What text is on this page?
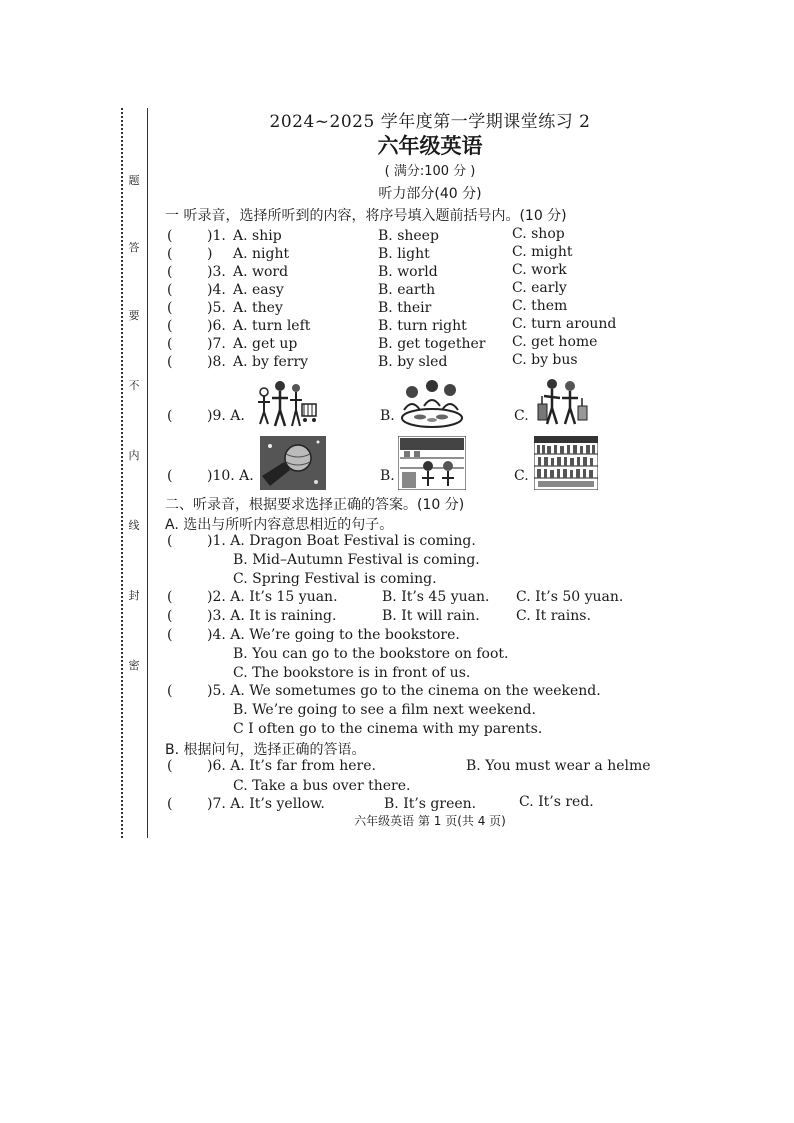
题
答
要
不
内
线
封
密
2024~2025 学年度第一学期课堂练习 2
六年级英语
( 满分:100 分 )
听力部分(40 分)
一 听录音，选择所听到的内容，将序号填入题前括号内。(10 分)
( )1. A. ship	B. sheep	C. shop
( ) A. night	B. light	C. might
( )3. A. word	B. world	C. work
( )4. A. easy	B. earth	C. early
( )5. A. they	B. their	C. them
( )6. A. turn left	B. turn right	C. turn around
( )7. A. get up	B. get together C. get home
( )8. A. by ferry	B. by sled	C. by bus
( )9. A.	B.	C.
( )10. A.	B.	C.
二、听录音，根据要求选择正确的答案。(10 分)
A. 选出与所听内容意思相近的句子。
( )1. A. Dragon Boat Festival is coming.
B. Mid–Autumn Festival is coming.
C. Spring Festival is coming.
( )2. A. It’s 15 yuan.	B. It’s 45 yuan. C. It’s 50 yuan.
( )3. A. It is raining.	B. It will rain.	C. It rains.
( )4. A. We’re going to the bookstore.
B. You can go to the bookstore on foot.
C. The bookstore is in front of us.
( )5. A. We sometumes go to the cinema on the weekend.
B. We’re going to see a film next weekend.
C I often go to the cinema with my parents.
B. 根据问句，选择正确的答语。
( )6. A. It’s far from here.	B. You must wear a helme
C. Take a bus over there.
( )7. A. It’s yellow.	B. It’s green.	C. It’s red.
六年级英语 第 1 页(共 4 页)
